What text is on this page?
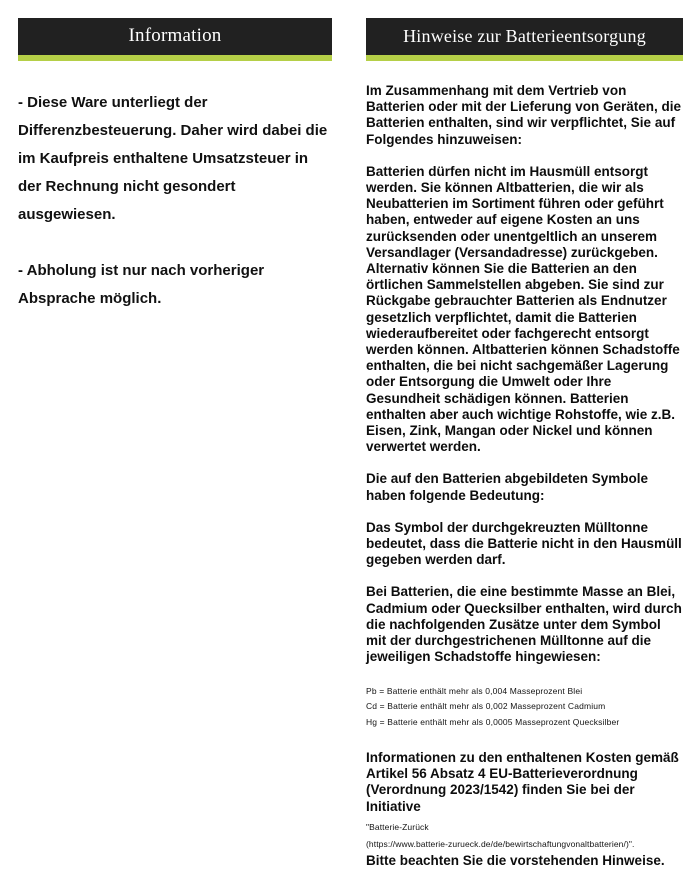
Information

- Diese Ware unterliegt der Differenzbesteuerung. Daher wird dabei die im Kaufpreis enthaltene Umsatzsteuer in der Rechnung nicht gesondert ausgewiesen.

- Abholung ist nur nach vorheriger Absprache möglich.

Hinweise zur Batterieentsorgung

Im Zusammenhang mit dem Vertrieb von Batterien oder mit der Lieferung von Geräten, die Batterien enthalten, sind wir verpflichtet, Sie auf Folgendes hinzuweisen:

Batterien dürfen nicht im Hausmüll entsorgt werden. Sie können Altbatterien, die wir als Neubatterien im Sortiment führen oder geführt haben, entweder auf eigene Kosten an uns zurücksenden oder unentgeltlich an unserem Versandlager (Versandadresse) zurückgeben. Alternativ können Sie die Batterien an den örtlichen Sammelstellen abgeben. Sie sind zur Rückgabe gebrauchter Batterien als Endnutzer gesetzlich verpflichtet, damit die Batterien wiederaufbereitet oder fachgerecht entsorgt werden können. Altbatterien können Schadstoffe enthalten, die bei nicht sachgemäßer Lagerung oder Entsorgung die Umwelt oder Ihre Gesundheit schädigen können. Batterien enthalten aber auch wichtige Rohstoffe, wie z.B. Eisen, Zink, Mangan oder Nickel und können verwertet werden.

Die auf den Batterien abgebildeten Symbole haben folgende Bedeutung:

Das Symbol der durchgekreuzten Mülltonne bedeutet, dass die Batterie nicht in den Hausmüll gegeben werden darf.

Bei Batterien, die eine bestimmte Masse an Blei, Cadmium oder Quecksilber enthalten, wird durch die nachfolgenden Zusätze unter dem Symbol mit der durchgestrichenen Mülltonne auf die jeweiligen Schadstoffe hingewiesen:

Pb = Batterie enthält mehr als 0,004 Masseprozent Blei
Cd = Batterie enthält mehr als 0,002 Masseprozent Cadmium
Hg = Batterie enthält mehr als 0,0005 Masseprozent Quecksilber

Informationen zu den enthaltenen Kosten gemäß Artikel 56 Absatz 4 EU-Batterieverordnung (Verordnung 2023/1542) finden Sie bei der Initiative

"Batterie-Zurück
(https://www.batterie-zurueck.de/de/bewirtschaftungvonaltbatterien/)".

Bitte beachten Sie die vorstehenden Hinweise.
